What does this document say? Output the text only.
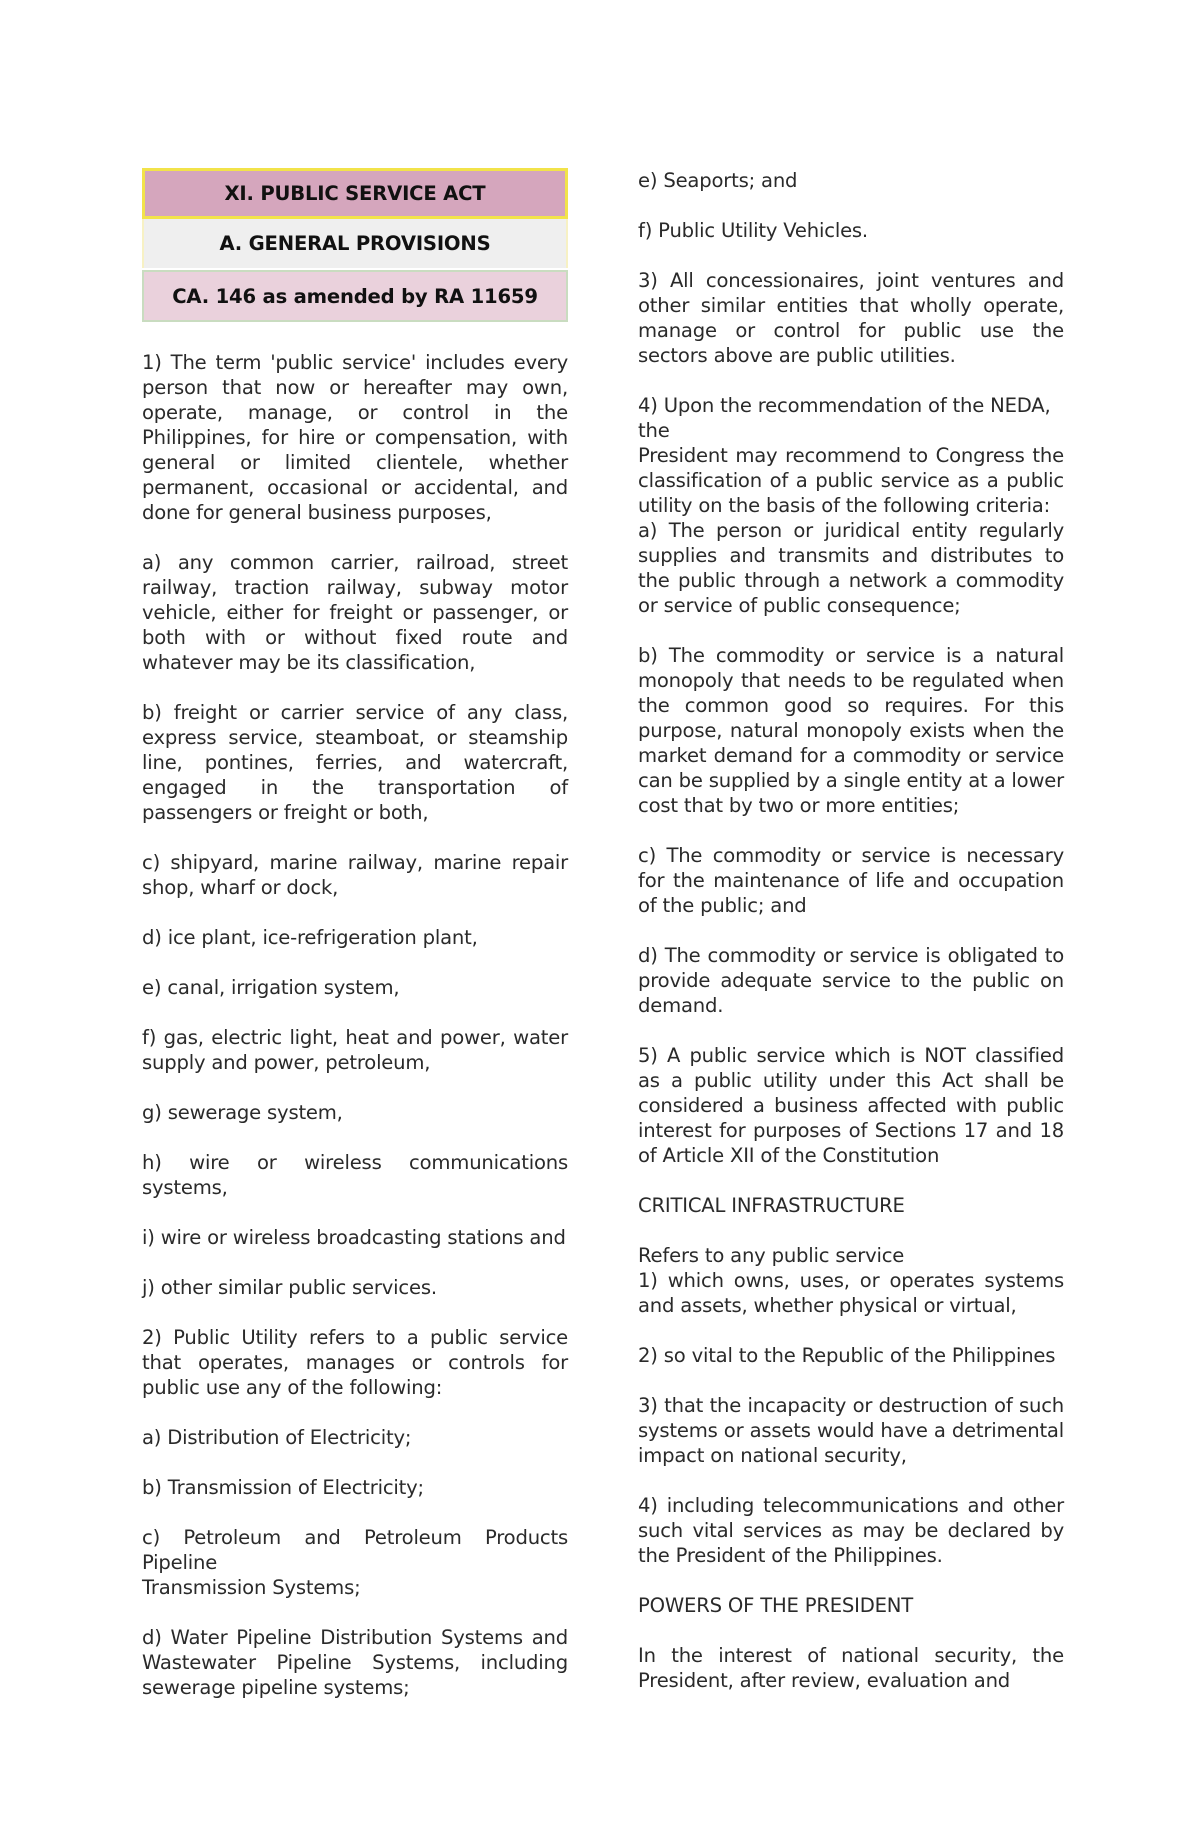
XI. PUBLIC SERVICE ACT
A. GENERAL PROVISIONS
CA. 146 as amended by RA 11659

1) The term 'public service' includes every person that now or hereafter may own, operate, manage, or control in the Philippines, for hire or compensation, with general or limited clientele, whether permanent, occasional or accidental, and done for general business purposes,

a) any common carrier, railroad, street railway, traction railway, subway motor vehicle, either for freight or passenger, or both with or without fixed route and whatever may be its classification,

b) freight or carrier service of any class, express service, steamboat, or steamship line, pontines, ferries, and watercraft, engaged in the transportation of passengers or freight or both,

c) shipyard, marine railway, marine repair shop, wharf or dock,

d) ice plant, ice-refrigeration plant,

e) canal, irrigation system,

f) gas, electric light, heat and power, water supply and power, petroleum,

g) sewerage system,

h) wire or wireless communications systems,

i) wire or wireless broadcasting stations and

j) other similar public services.

2) Public Utility refers to a public service that operates, manages or controls for public use any of the following:

a) Distribution of Electricity;

b) Transmission of Electricity;

c) Petroleum and Petroleum Products Pipeline

Transmission Systems;

d) Water Pipeline Distribution Systems and Wastewater Pipeline Systems, including sewerage pipeline systems;

e) Seaports; and

f) Public Utility Vehicles.

3) All concessionaires, joint ventures and other similar entities that wholly operate, manage or control for public use the sectors above are public utilities.

4) Upon the recommendation of the NEDA, the

President may recommend to Congress the classification of a public service as a public utility on the basis of the following criteria:

a) The person or juridical entity regularly supplies and transmits and distributes to the public through a network a commodity or service of public consequence;

b) The commodity or service is a natural monopoly that needs to be regulated when the common good so requires. For this purpose, natural monopoly exists when the market demand for a commodity or service can be supplied by a single entity at a lower cost that by two or more entities;

c) The commodity or service is necessary for the maintenance of life and occupation of the public; and

d) The commodity or service is obligated to provide adequate service to the public on demand.

5) A public service which is NOT classified as a public utility under this Act shall be considered a business affected with public interest for purposes of Sections 17 and 18 of Article XII of the Constitution

CRITICAL INFRASTRUCTURE

Refers to any public service

1) which owns, uses, or operates systems and assets, whether physical or virtual,

2) so vital to the Republic of the Philippines

3) that the incapacity or destruction of such systems or assets would have a detrimental impact on national security,

4) including telecommunications and other such vital services as may be declared by the President of the Philippines.

POWERS OF THE PRESIDENT

In the interest of national security, the President, after review, evaluation and
